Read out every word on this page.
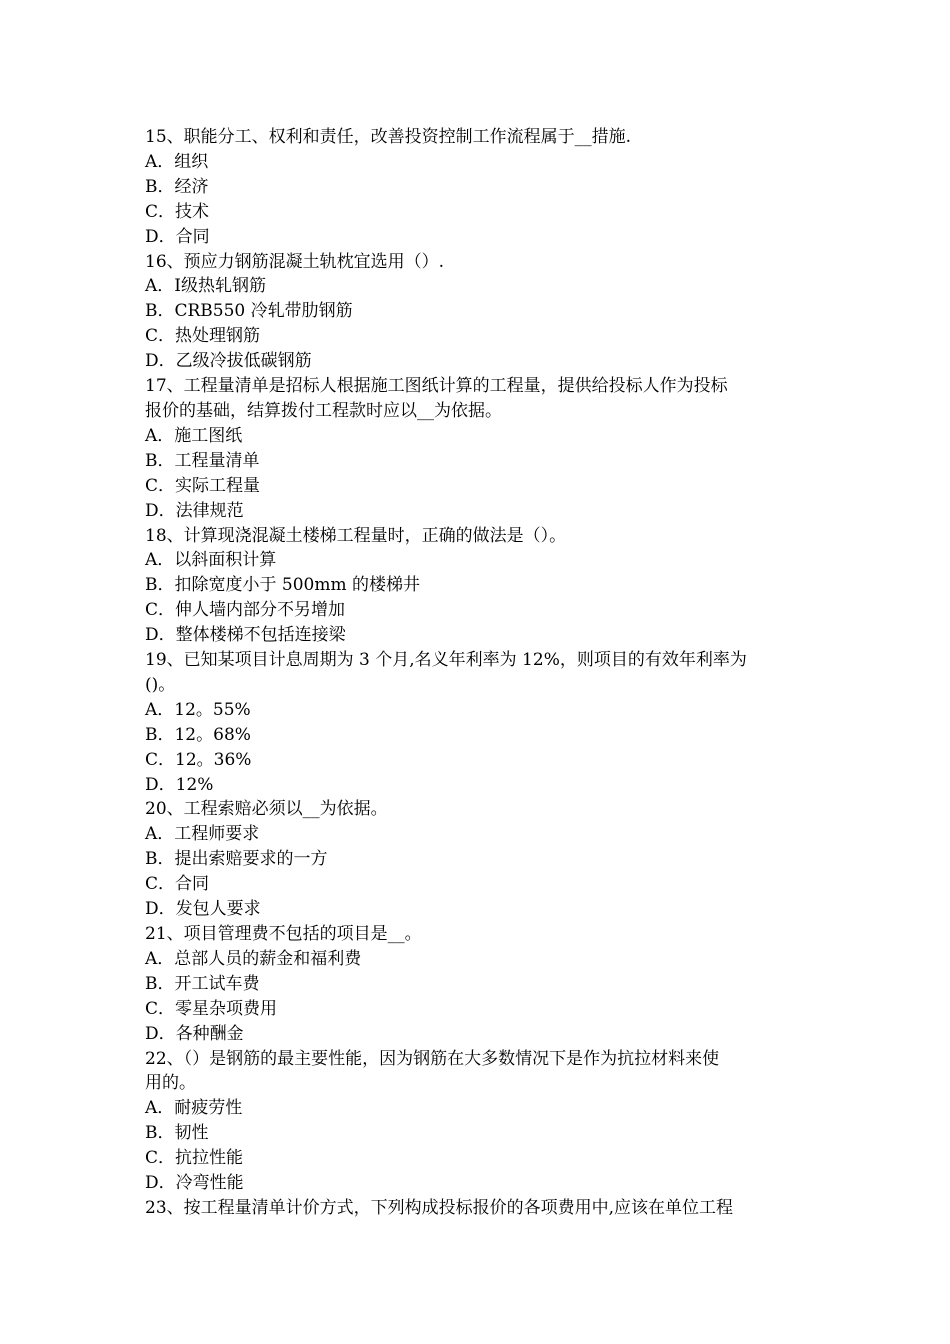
15、职能分工、权利和责任，改善投资控制工作流程属于__措施.
A．组织
B．经济
C．技术
D．合同
16、预应力钢筋混凝土轨枕宜选用（）.
A．Ⅰ级热轧钢筋
B．CRB550 冷轧带肋钢筋
C．热处理钢筋
D．乙级冷拔低碳钢筋
17、工程量清单是招标人根据施工图纸计算的工程量，提供给投标人作为投标
报价的基础，结算拨付工程款时应以__为依据。
A．施工图纸
B．工程量清单
C．实际工程量
D．法律规范
18、计算现浇混凝土楼梯工程量时，正确的做法是（）。
A．以斜面积计算
B．扣除宽度小于 500mm 的楼梯井
C．伸人墙内部分不另增加
D．整体楼梯不包括连接梁
19、已知某项目计息周期为 3 个月,名义年利率为 12%，则项目的有效年利率为
()。
A．12。55%
B．12。68%
C．12。36%
D．12%
20、工程索赔必须以__为依据。
A．工程师要求
B．提出索赔要求的一方
C．合同
D．发包人要求
21、项目管理费不包括的项目是__。
A．总部人员的薪金和福利费
B．开工试车费
C．零星杂项费用
D．各种酬金
22、（）是钢筋的最主要性能，因为钢筋在大多数情况下是作为抗拉材料来使
用的。
A．耐疲劳性
B．韧性
C．抗拉性能
D．冷弯性能
23、按工程量清单计价方式，下列构成投标报价的各项费用中,应该在单位工程
